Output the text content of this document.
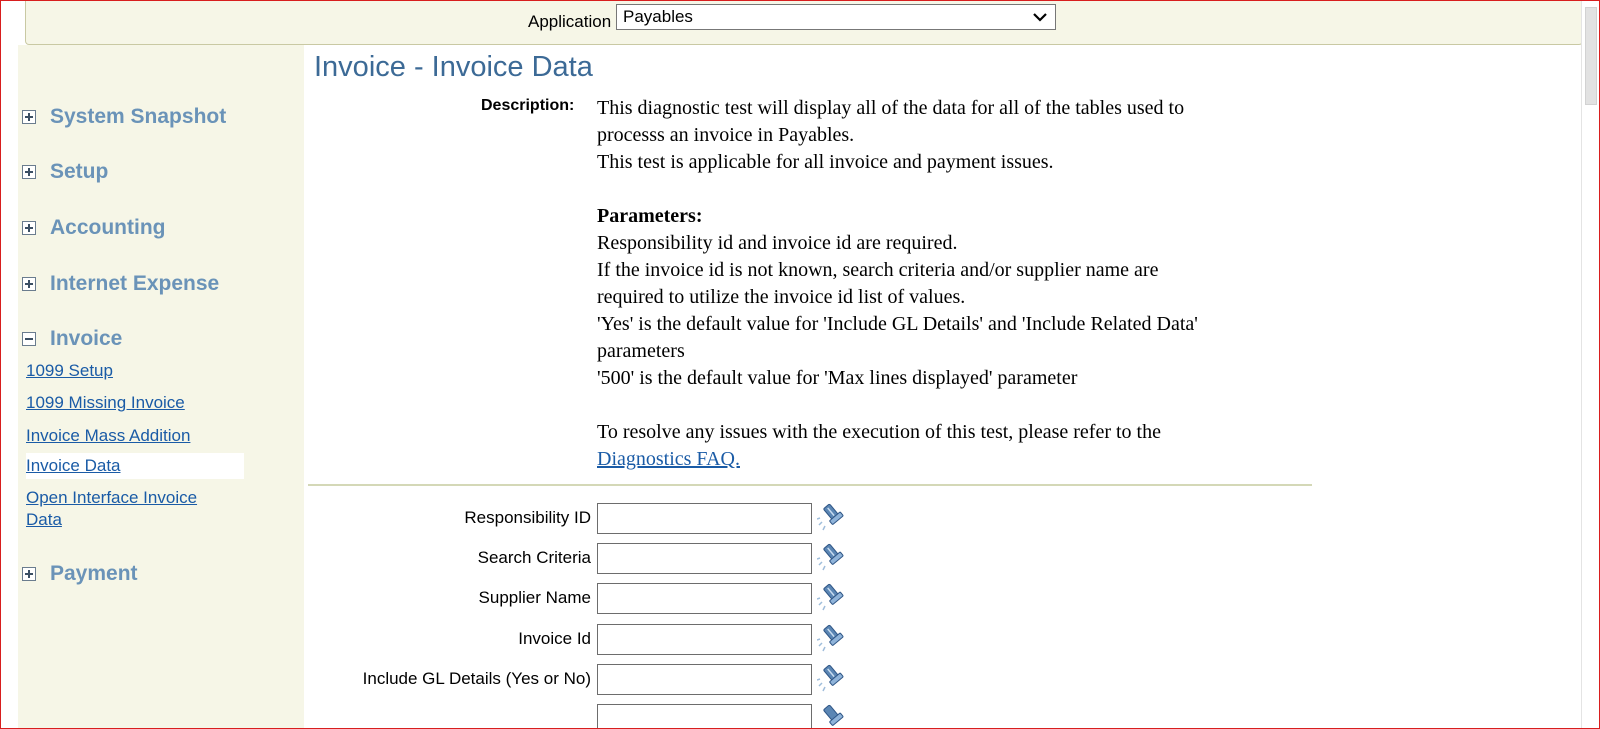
Application Payables
System Snapshot
Setup
Accounting
Internet Expense
Invoice
1099 Setup
1099 Missing Invoice
Invoice Mass Addition
Invoice Data
Open Interface Invoice Data
Payment
Invoice - Invoice Data
Description: This diagnostic test will display all of the data for all of the tables used to

processs an invoice in Payables.

This test is applicable for all invoice and payment issues.

Parameters:

Responsibility id and invoice id are required.

If the invoice id is not known, search criteria and/or supplier name are

required to utilize the invoice id list of values.

'Yes' is the default value for 'Include GL Details' and 'Include Related Data'

parameters

'500' is the default value for 'Max lines displayed' parameter

To resolve any issues with the execution of this test, please refer to the

Diagnostics FAQ.

Responsibility ID
Search Criteria
Supplier Name
Invoice Id
Include GL Details (Yes or No)
